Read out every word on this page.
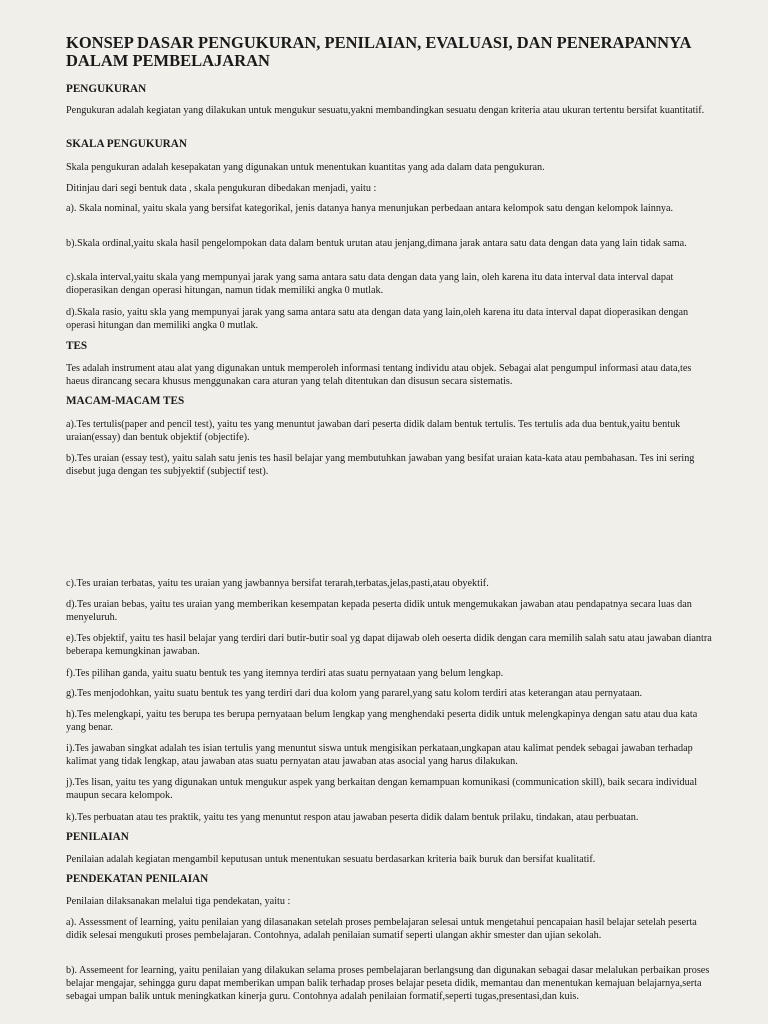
KONSEP DASAR PENGUKURAN, PENILAIAN, EVALUASI, DAN PENERAPANNYA DALAM PEMBELAJARAN
PENGUKURAN
Pengukuran adalah kegiatan yang dilakukan untuk mengukur sesuatu,yakni membandingkan sesuatu dengan kriteria atau ukuran tertentu bersifat kuantitatif.
SKALA PENGUKURAN
Skala pengukuran adalah kesepakatan yang digunakan untuk menentukan kuantitas yang ada dalam data pengukuran.
Ditinjau dari segi bentuk data , skala pengukuran dibedakan menjadi, yaitu :
a). Skala nominal, yaitu skala yang bersifat kategorikal, jenis datanya hanya menunjukan perbedaan antara kelompok satu dengan kelompok lainnya.
b).Skala ordinal,yaitu skala hasil pengelompokan data dalam bentuk urutan atau jenjang,dimana jarak antara satu data dengan data yang lain tidak sama.
c).skala interval,yaitu skala yang mempunyai jarak yang sama antara satu data dengan data yang lain, oleh karena itu data interval data interval dapat dioperasikan dengan operasi hitungan, namun tidak memiliki angka 0 mutlak.
d).Skala rasio, yaitu skla yang mempunyai jarak yang sama antara satu ata dengan data yang lain,oleh karena itu data interval dapat dioperasikan dengan operasi hitungan dan memiliki angka 0 mutlak.
TES
Tes adalah instrument atau alat yang digunakan untuk memperoleh informasi tentang individu atau objek. Sebagai alat pengumpul informasi atau data,tes haeus dirancang secara khusus menggunakan cara aturan yang telah ditentukan dan disusun secara sistematis.
MACAM-MACAM TES
a).Tes tertulis(paper and pencil test), yaitu tes yang menuntut jawaban dari peserta didik dalam bentuk tertulis. Tes tertulis ada dua bentuk,yaitu bentuk uraian(essay) dan bentuk objektif (objectife).
b).Tes uraian (essay test), yaitu salah satu jenis tes hasil belajar yang membutuhkan jawaban yang besifat uraian kata-kata atau pembahasan. Tes ini sering disebut juga dengan tes subjyektif (subjectif test).
c).Tes uraian terbatas, yaitu tes uraian yang jawbannya bersifat terarah,terbatas,jelas,pasti,atau obyektif.
d).Tes uraian bebas, yaitu tes uraian yang memberikan kesempatan kepada peserta didik untuk mengemukakan jawaban atau pendapatnya secara luas dan menyeluruh.
e).Tes objektif, yaitu tes hasil belajar yang terdiri dari butir-butir soal yg dapat dijawab oleh oeserta didik dengan cara memilih salah satu atau jawaban diantra beberapa kemungkinan jawaban.
f).Tes pilihan ganda, yaitu suatu bentuk tes yang itemnya terdiri atas suatu pernyataan yang belum lengkap.
g).Tes menjodohkan, yaitu suatu bentuk tes yang terdiri dari dua kolom yang pararel,yang satu kolom terdiri atas keterangan atau pernyataan.
h).Tes melengkapi, yaitu tes berupa tes berupa pernyataan belum lengkap yang menghendaki peserta didik untuk melengkapinya dengan satu atau dua kata yang benar.
i).Tes jawaban singkat adalah tes isian tertulis yang menuntut siswa untuk mengisikan perkataan,ungkapan atau kalimat pendek sebagai jawaban terhadap kalimat yang tidak lengkap, atau jawaban atas suatu pernyatan atau jawaban atas asocial yang harus dilakukan.
j).Tes lisan, yaitu tes yang digunakan untuk mengukur aspek yang berkaitan dengan kemampuan komunikasi (communication skill), baik secara individual maupun secara kelompok.
k).Tes perbuatan atau tes praktik, yaitu tes yang menuntut respon atau jawaban peserta didik dalam bentuk prilaku, tindakan, atau perbuatan.
PENILAIAN
Penilaian adalah kegiatan mengambil keputusan untuk menentukan sesuatu berdasarkan kriteria baik buruk dan bersifat kualitatif.
PENDEKATAN PENILAIAN
Penilaian dilaksanakan melalui tiga pendekatan, yaitu :
a). Assessment of learning, yaitu penilaian yang dilasanakan setelah proses pembelajaran selesai untuk mengetahui pencapaian hasil belajar setelah peserta didik selesai mengukuti proses pembelajaran. Contohnya, adalah penilaian sumatif seperti ulangan akhir smester dan ujian sekolah.
b). Assemeent for learning, yaitu penilaian yang dilakukan selama proses pembelajaran berlangsung dan digunakan sebagai dasar melalukan perbaikan proses belajar mengajar, sehingga guru dapat memberikan umpan balik terhadap proses belajar peseta didik, memantau dan menentukan kemajuan belajarnya,serta sebagai umpan balik untuk meningkatkan kinerja guru. Contohnya adalah penilaian formatif,seperti tugas,presentasi,dan kuis.
